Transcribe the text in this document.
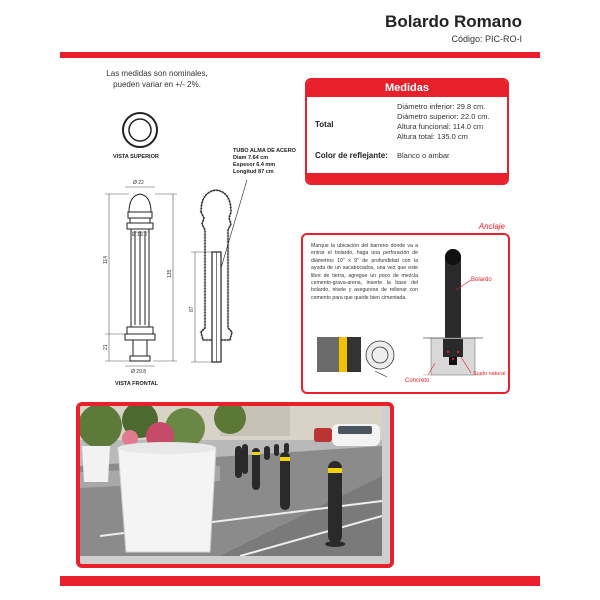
Bolardo Romano
Código: PIC-RO-I
Las medidas son nominales,
pueden variar en +/- 2%.
VISTA SUPERIOR
Ø 22
Ø 19.5
Ø 29.8
114
21
135
VISTA FRONTAL
87
TUBO ALMA DE ACERO
Diam 7.64 cm
Espesor 6.4 mm
Longitud 87 cm
Medidas
Total
Diámetro inferior: 29.8 cm.
Diámetro superior: 22.0 cm.
Altura funcional: 114.0 cm
Altura total: 135.0 cm
Color de reflejante: Blanco o ambar
Anclaje
Marque la ubicación del barreno donde va a entrar el bolardo, haga una perforación de diámetros 10" x 9" de profundidad con la ayuda de un sacabocados, una vez que este libre de tierra, agregue un poco de mezcla cemento-grava-arena, inserte la base del bolardo, nivele y asegurese de rellenar con cemento para que quede bien cimentada.
Bolardo
Concreto
Suelo natural
